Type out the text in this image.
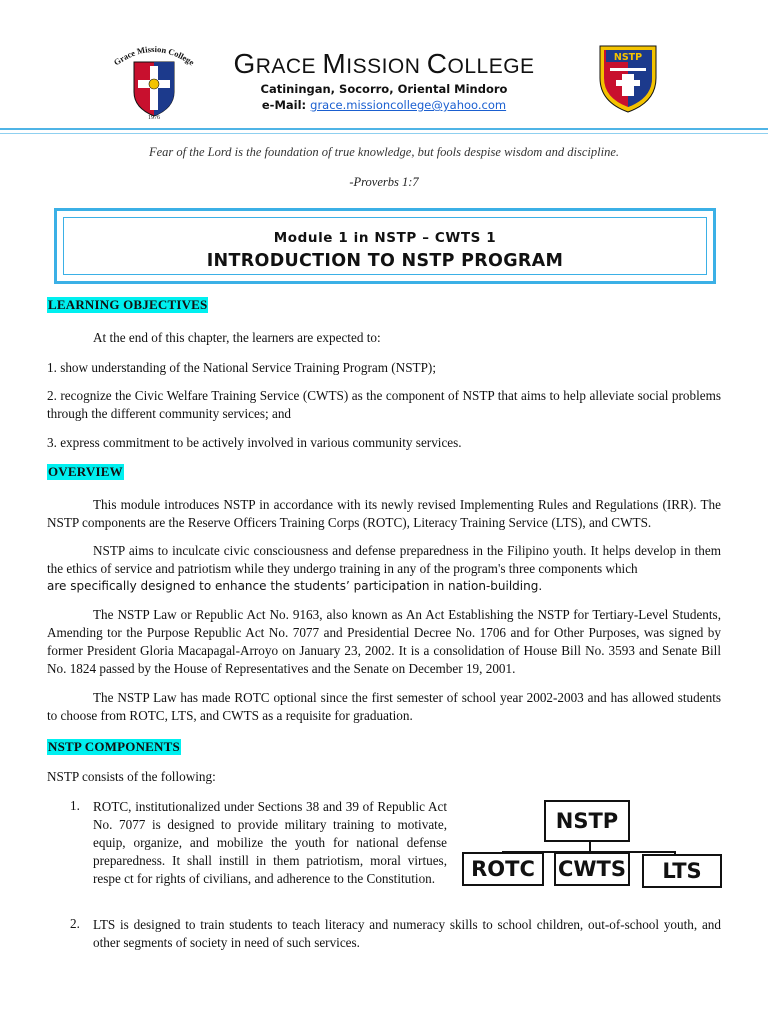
Grace Mission College
1976
GRACE MISSION COLLEGE
Catiningan, Socorro, Oriental Mindoro
e-Mail: grace.missioncollege@yahoo.com
NSTP
Fear of the Lord is the foundation of true knowledge, but fools despise wisdom and discipline.
-Proverbs 1:7
Module 1 in NSTP – CWTS 1
INTRODUCTION TO NSTP PROGRAM
LEARNING OBJECTIVES

At the end of this chapter, the learners are expected to:

1. show understanding of the National Service Training Program (NSTP);

2. recognize the Civic Welfare Training Service (CWTS) as the component of NSTP that aims to help alleviate social problems through the different community services; and

3. express commitment to be actively involved in various community services.

OVERVIEW

This module introduces NSTP in accordance with its newly revised Implementing Rules and Regulations (IRR). The NSTP components are the Reserve Officers Training Corps (ROTC), Literacy Training Service (LTS), and CWTS.

NSTP aims to inculcate civic consciousness and defense preparedness in the Filipino youth. It helps develop in them the ethics of service and patriotism while they undergo training in any of the program's three components which

are specifically designed to enhance the students’ participation in nation-building.

The NSTP Law or Republic Act No. 9163, also known as An Act Establishing the NSTP for Tertiary-Level Students, Amending tor the Purpose Republic Act No. 7077 and Presidential Decree No. 1706 and for Other Purposes, was signed by former President Gloria Macapagal-Arroyo on January 23, 2002. It is a consolidation of House Bill No. 3593 and Senate Bill No. 1824 passed by the House of Representatives and the Senate on December 19, 2001.

The NSTP Law has made ROTC optional since the first semester of school year 2002-2003 and has allowed students to choose from ROTC, LTS, and CWTS as a requisite for graduation.

NSTP COMPONENTS

NSTP consists of the following:

1. ROTC, institutionalized under Sections 38 and 39 of Republic Act No. 7077 is designed to provide military training to motivate, equip, organize, and mobilize the youth for national defense preparedness. It shall instill in them patriotism, moral virtues, respe ct for rights of civilians, and adherence to the Constitution.

2. LTS is designed to train students to teach literacy and numeracy skills to school children, out-of-school youth, and other segments of society in need of such services.

NSTP
ROTC	CWTS	LTS
